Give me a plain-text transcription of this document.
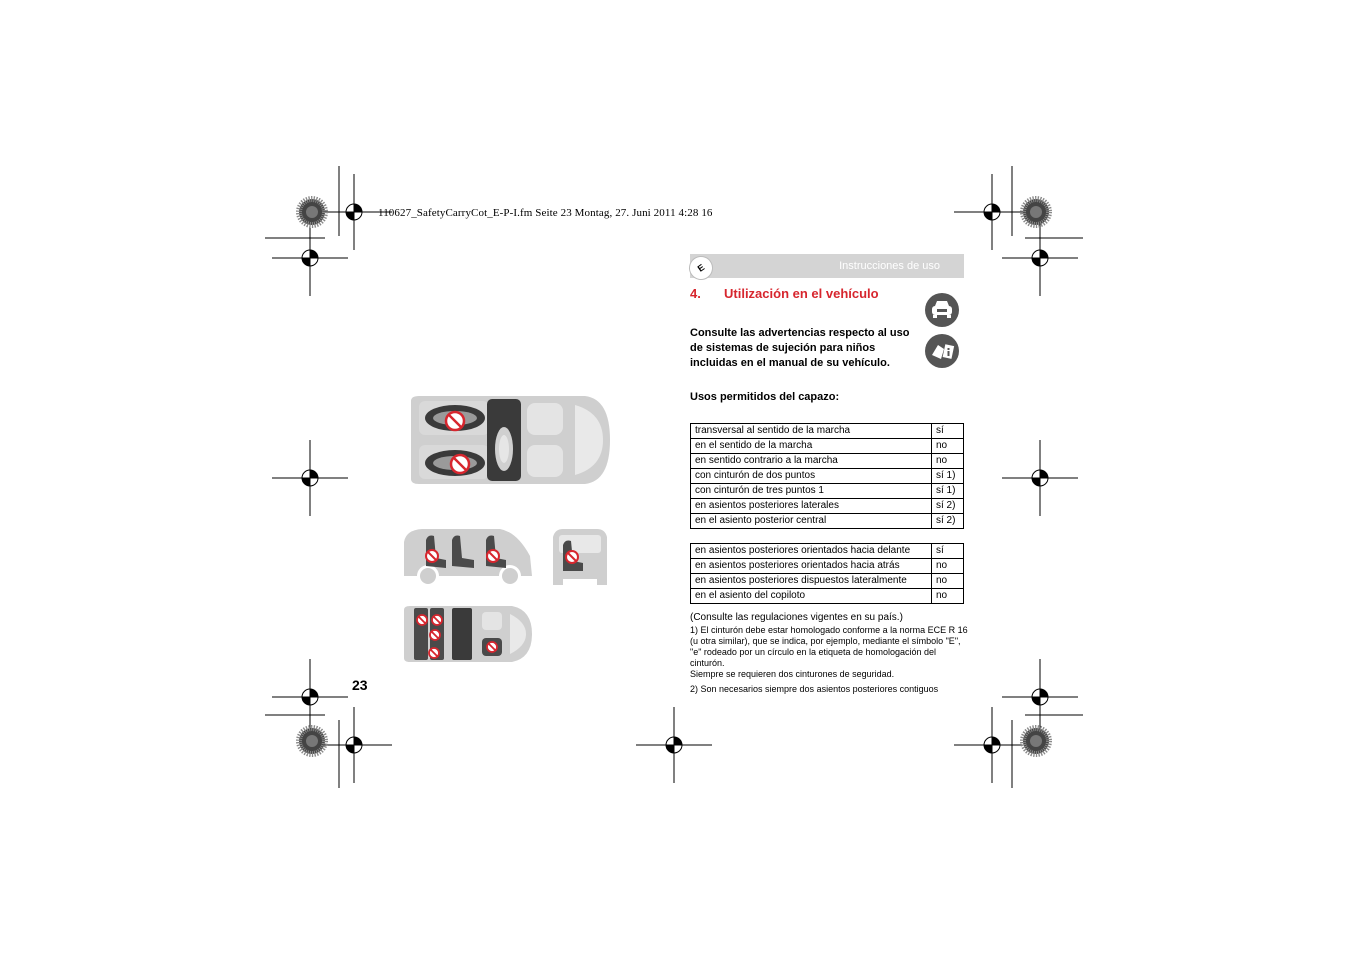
110627_SafetyCarryCot_E-P-I.fm Seite 23 Montag, 27. Juni 2011 4:28 16
E	Instrucciones de uso
4. Utilización en el vehículo
Consulte las advertencias respecto al uso de sistemas de sujeción para niños incluidas en el manual de su vehículo.
Usos permitidos del capazo:
transversal al sentido de la marcha	sí
en el sentido de la marcha	no
en sentido contrario a la marcha	no
con cinturón de dos puntos	sí 1)
con cinturón de tres puntos 1	sí 1)
en asientos posteriores laterales	sí 2)
en el asiento posterior central	sí 2)
en asientos posteriores orientados hacia delante	sí
en asientos posteriores orientados hacia atrás	no
en asientos posteriores dispuestos lateralmente	no
en el asiento del copiloto	no
(Consulte las regulaciones vigentes en su país.)
1) El cinturón debe estar homologado conforme a la norma ECE R 16 (u otra similar), que se indica, por ejemplo, mediante el símbolo "E", "e" rodeado por un círculo en la etiqueta de homologación del cinturón.
Siempre se requieren dos cinturones de seguridad.
2) Son necesarios siempre dos asientos posteriores contiguos
23
